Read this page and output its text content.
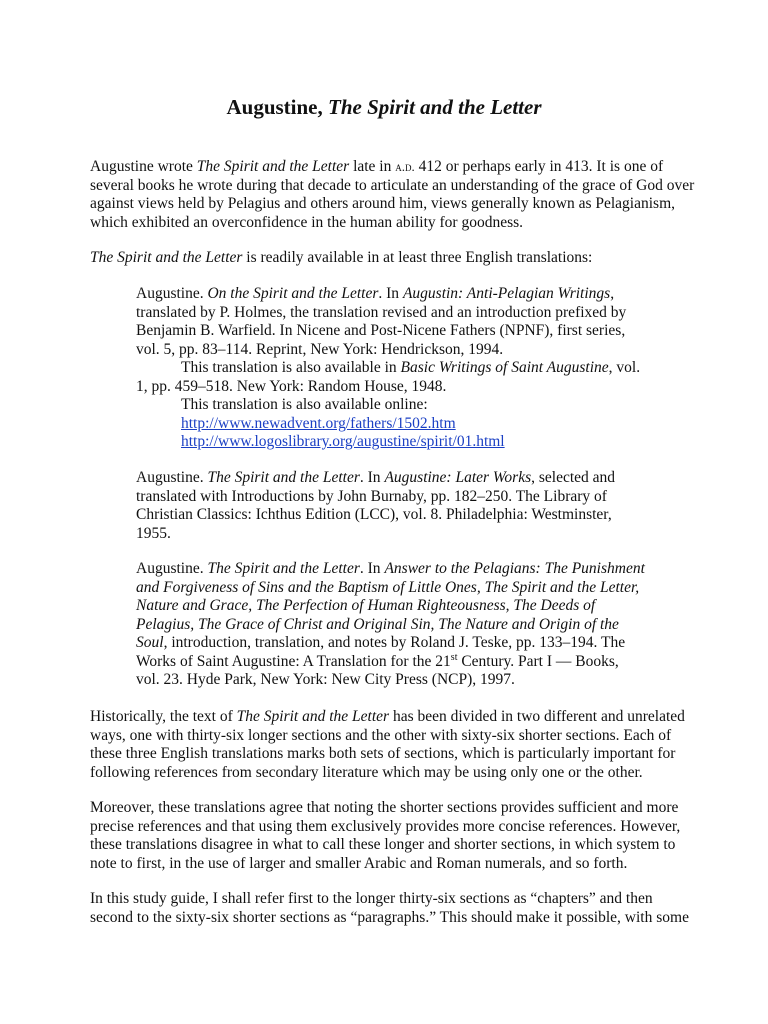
Augustine, The Spirit and the Letter

Augustine wrote The Spirit and the Letter late in a.d. 412 or perhaps early in 413. It is one of
several books he wrote during that decade to articulate an understanding of the grace of God over
against views held by Pelagius and others around him, views generally known as Pelagianism,
which exhibited an overconfidence in the human ability for goodness.

The Spirit and the Letter is readily available in at least three English translations:

Augustine. On the Spirit and the Letter. In Augustin: Anti-Pelagian Writings,
translated by P. Holmes, the translation revised and an introduction prefixed by
Benjamin B. Warfield. In Nicene and Post-Nicene Fathers (NPNF), first series,
vol. 5, pp. 83–114. Reprint, New York: Hendrickson, 1994.
This translation is also available in Basic Writings of Saint Augustine, vol.
1, pp. 459–518. New York: Random House, 1948.
This translation is also available online:
http://www.newadvent.org/fathers/1502.htm
http://www.logoslibrary.org/augustine/spirit/01.html
Augustine. The Spirit and the Letter. In Augustine: Later Works, selected and
translated with Introductions by John Burnaby, pp. 182–250. The Library of
Christian Classics: Ichthus Edition (LCC), vol. 8. Philadelphia: Westminster,
1955.
Augustine. The Spirit and the Letter. In Answer to the Pelagians: The Punishment
and Forgiveness of Sins and the Baptism of Little Ones, The Spirit and the Letter,
Nature and Grace, The Perfection of Human Righteousness, The Deeds of
Pelagius, The Grace of Christ and Original Sin, The Nature and Origin of the
Soul, introduction, translation, and notes by Roland J. Teske, pp. 133–194. The
Works of Saint Augustine: A Translation for the 21st Century. Part I — Books,
vol. 23. Hyde Park, New York: New City Press (NCP), 1997.

Historically, the text of The Spirit and the Letter has been divided in two different and unrelated
ways, one with thirty-six longer sections and the other with sixty-six shorter sections. Each of
these three English translations marks both sets of sections, which is particularly important for
following references from secondary literature which may be using only one or the other.

Moreover, these translations agree that noting the shorter sections provides sufficient and more
precise references and that using them exclusively provides more concise references. However,
these translations disagree in what to call these longer and shorter sections, in which system to
note to first, in the use of larger and smaller Arabic and Roman numerals, and so forth.

In this study guide, I shall refer first to the longer thirty-six sections as “chapters” and then
second to the sixty-six shorter sections as “paragraphs.” This should make it possible, with some
